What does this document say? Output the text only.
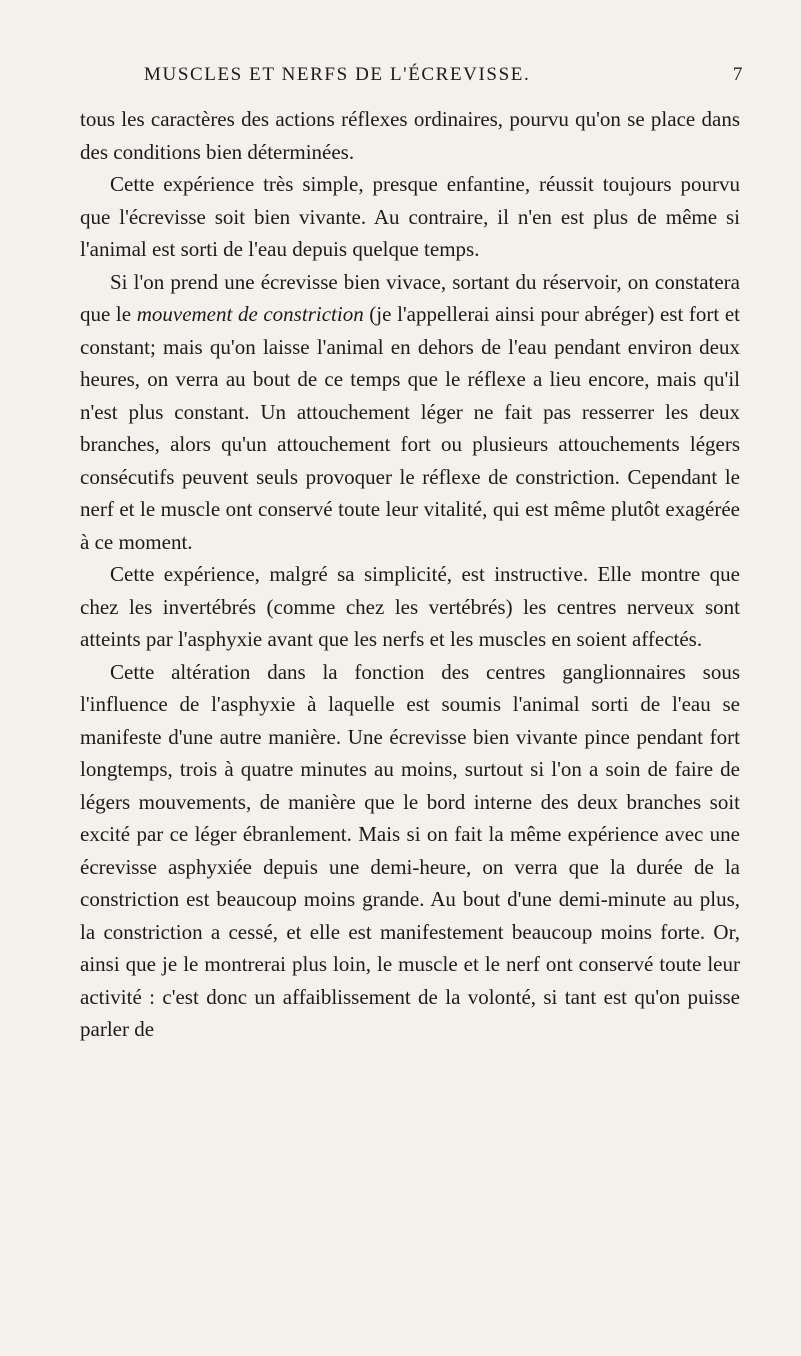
MUSCLES ET NERFS DE L'ÉCREVISSE.	7

tous les caractères des actions réflexes ordinaires, pourvu qu'on se place dans des conditions bien déterminées.

Cette expérience très simple, presque enfantine, réussit toujours pourvu que l'écrevisse soit bien vivante. Au contraire, il n'en est plus de même si l'animal est sorti de l'eau depuis quelque temps.

Si l'on prend une écrevisse bien vivace, sortant du réservoir, on constatera que le mouvement de constriction (je l'appellerai ainsi pour abréger) est fort et constant; mais qu'on laisse l'animal en dehors de l'eau pendant environ deux heures, on verra au bout de ce temps que le réflexe a lieu encore, mais qu'il n'est plus constant. Un attouchement léger ne fait pas resserrer les deux branches, alors qu'un attouchement fort ou plusieurs attouchements légers consécutifs peuvent seuls provoquer le réflexe de constriction. Cependant le nerf et le muscle ont conservé toute leur vitalité, qui est même plutôt exagérée à ce moment.

Cette expérience, malgré sa simplicité, est instructive. Elle montre que chez les invertébrés (comme chez les vertébrés) les centres nerveux sont atteints par l'asphyxie avant que les nerfs et les muscles en soient affectés.

Cette altération dans la fonction des centres ganglionnaires sous l'influence de l'asphyxie à laquelle est soumis l'animal sorti de l'eau se manifeste d'une autre manière. Une écrevisse bien vivante pince pendant fort longtemps, trois à quatre minutes au moins, surtout si l'on a soin de faire de légers mouvements, de manière que le bord interne des deux branches soit excité par ce léger ébranlement. Mais si on fait la même expérience avec une écrevisse asphyxiée depuis une demi-heure, on verra que la durée de la constriction est beaucoup moins grande. Au bout d'une demi-minute au plus, la constriction a cessé, et elle est manifestement beaucoup moins forte. Or, ainsi que je le montrerai plus loin, le muscle et le nerf ont conservé toute leur activité : c'est donc un affaiblissement de la volonté, si tant est qu'on puisse parler de
